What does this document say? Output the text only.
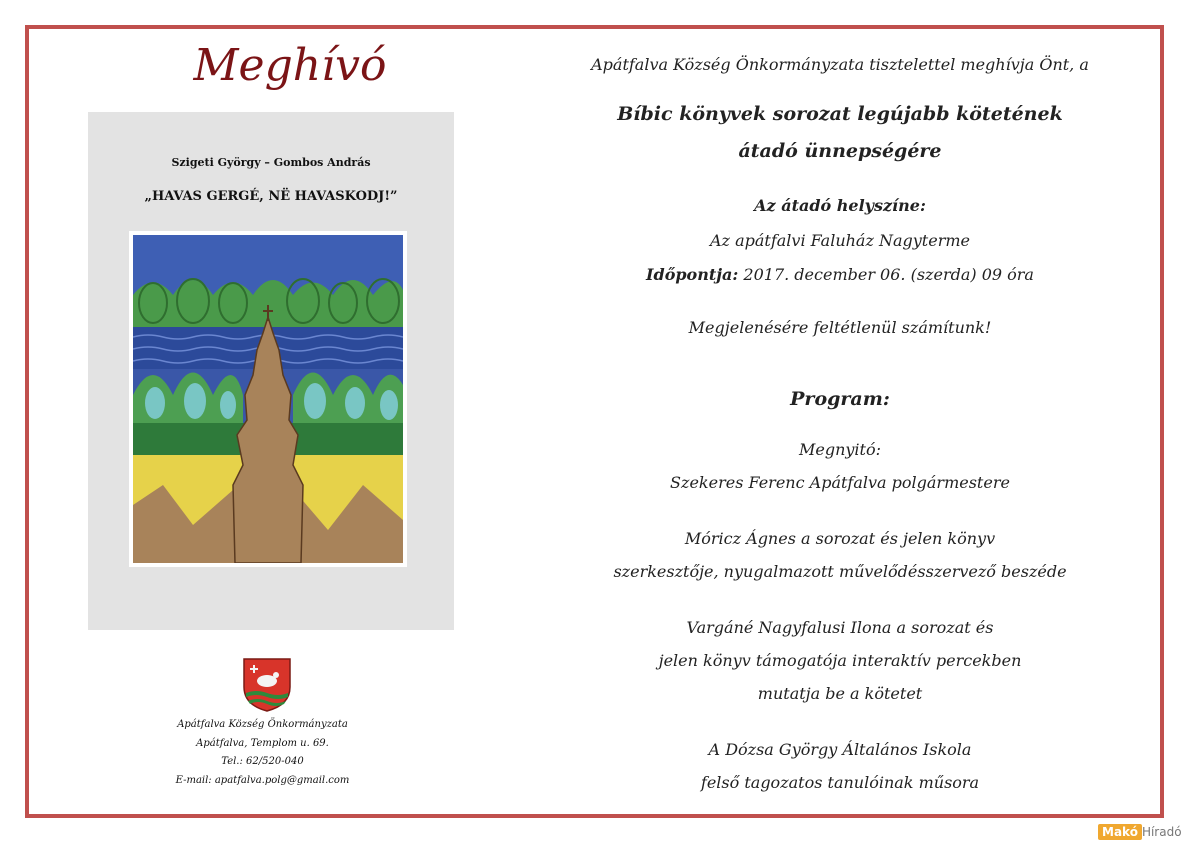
Meghívó
Szigeti György – Gombos András
„HAVAS GERGÉ, NË HAVASKODJ!”
Apátfalva Község Önkormányzata
Apátfalva, Templom u. 69.
Tel.: 62/520-040
E-mail: apatfalva.polg@gmail.com
Apátfalva Község Önkormányzata tisztelettel meghívja Önt, a
Bíbic könyvek sorozat legújabb kötetének
átadó ünnepségére
Az átadó helyszíne:
Az apátfalvi Faluház Nagyterme
Időpontja: 2017. december 06. (szerda) 09 óra
Megjelenésére feltétlenül számítunk!
Program:
Megnyitó:
Szekeres Ferenc Apátfalva polgármestere
Móricz Ágnes a sorozat és jelen könyv
szerkesztője, nyugalmazott művelődésszervező beszéde
Vargáné Nagyfalusi Ilona a sorozat és
jelen könyv támogatója interaktív percekben
mutatja be a kötetet
A Dózsa György Általános Iskola
felső tagozatos tanulóinak műsora
Makó Híradó
